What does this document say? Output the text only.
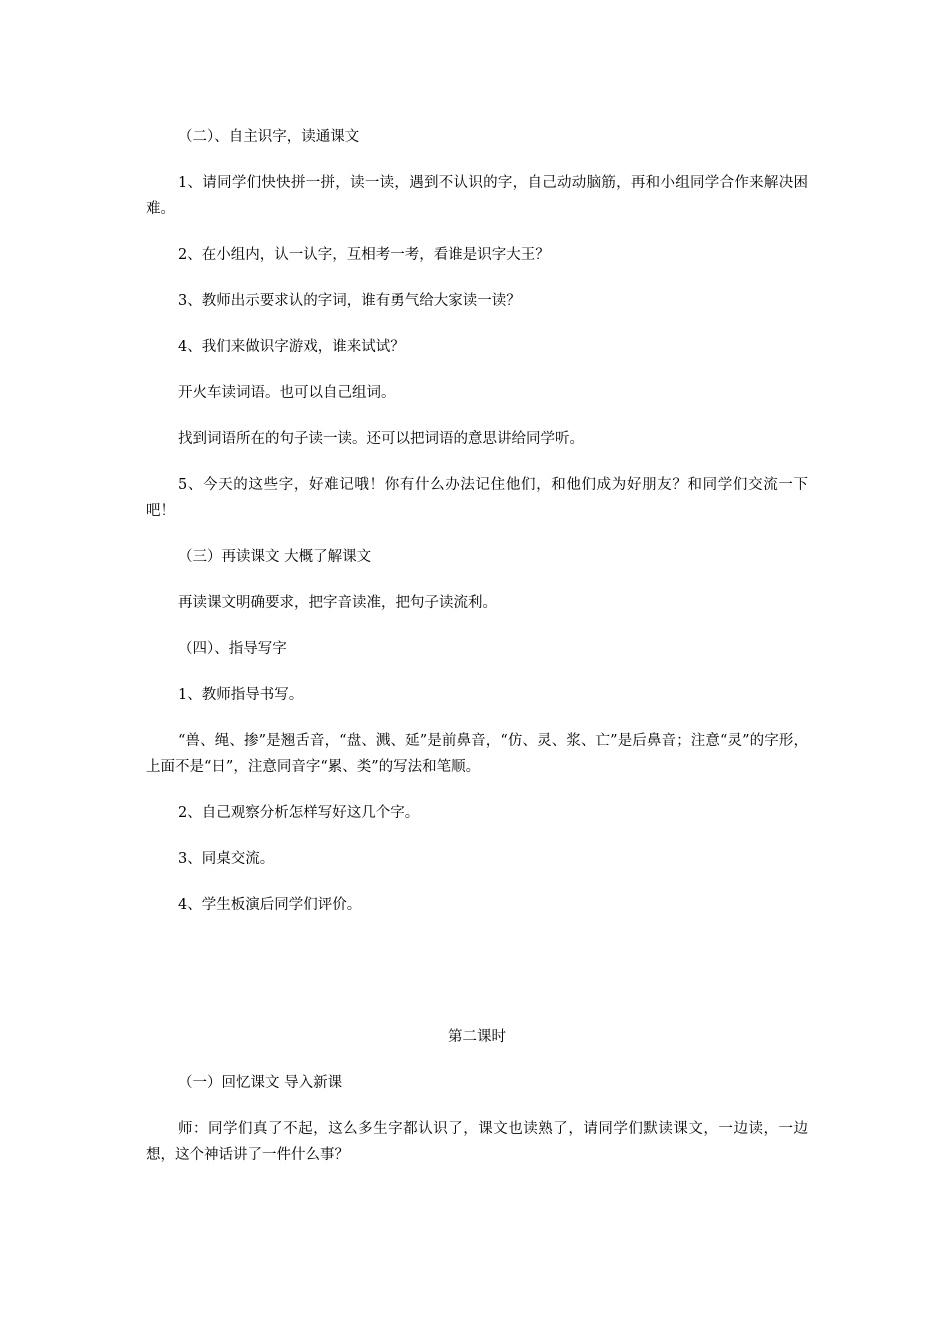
（二）、自主识字，读通课文

1、请同学们快快拼一拼，读一读，遇到不认识的字，自己动动脑筋，再和小组同学合作来解决困难。

2、在小组内，认一认字，互相考一考，看谁是识字大王？

3、教师出示要求认的字词，谁有勇气给大家读一读？

4、我们来做识字游戏，谁来试试？

开火车读词语。也可以自己组词。

找到词语所在的句子读一读。还可以把词语的意思讲给同学听。

5、今天的这些字，好难记哦！你有什么办法记住他们，和他们成为好朋友？和同学们交流一下吧！

（三）再读课文 大概了解课文

再读课文明确要求，把字音读准，把句子读流利。

（四）、指导写字

1、教师指导书写。

“兽、绳、掺”是翘舌音，“盘、溅、延”是前鼻音，“仿、灵、浆、亡”是后鼻音；注意“灵”的字形，上面不是“日”，注意同音字“累、类”的写法和笔顺。

2、自己观察分析怎样写好这几个字。

3、同桌交流。

4、学生板演后同学们评价。

第二课时

（一）回忆课文 导入新课

师：同学们真了不起，这么多生字都认识了，课文也读熟了，请同学们默读课文，一边读，一边想，这个神话讲了一件什么事？
